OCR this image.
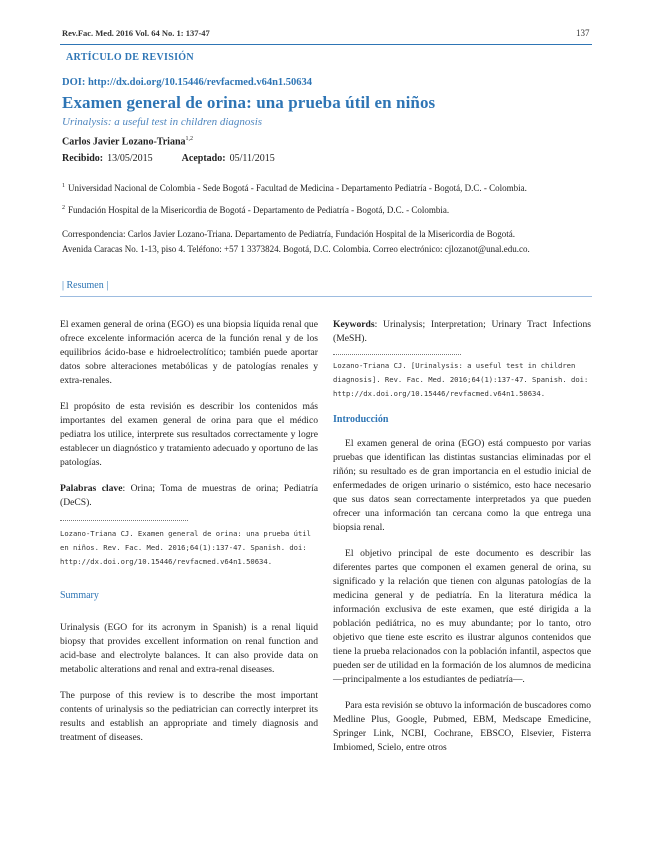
Rev.Fac. Med. 2016 Vol. 64 No. 1: 137-47	137
ARTÍCULO DE REVISIÓN
DOI: http://dx.doi.org/10.15446/revfacmed.v64n1.50634
Examen general de orina: una prueba útil en niños
Urinalysis: a useful test in children diagnosis
Carlos Javier Lozano-Triana$^{1,2}$
Recibido: 13/05/2015	Aceptado: 05/11/2015
$^1$ Universidad Nacional de Colombia - Sede Bogotá - Facultad de Medicina - Departamento Pediatría - Bogotá, D.C. - Colombia.
$^2$ Fundación Hospital de la Misericordia de Bogotá - Departamento de Pediatría - Bogotá, D.C. - Colombia.
Correspondencia: Carlos Javier Lozano-Triana. Departamento de Pediatría, Fundación Hospital de la Misericordia de Bogotá.
Avenida Caracas No. 1-13, piso 4. Teléfono: +57 1 3373824. Bogotá, D.C. Colombia. Correo electrónico: cjlozanot@unal.edu.co.
| Resumen |

El examen general de orina (EGO) es una biopsia líquida renal que ofrece excelente información acerca de la función renal y de los equilibrios ácido-base e hidroelectrolítico; también puede aportar datos sobre alteraciones metabólicas y de patologías renales y extra-renales.

El propósito de esta revisión es describir los contenidos más importantes del examen general de orina para que el médico pediatra los utilice, interprete sus resultados correctamente y logre establecer un diagnóstico y tratamiento adecuado y oportuno de las patologías.

Palabras clave: Orina; Toma de muestras de orina; Pediatría (DeCS).

Lozano-Triana CJ. Examen general de orina: una prueba útil en niños. Rev. Fac. Med. 2016;64(1):137-47. Spanish. doi: http://dx.doi.org/10.15446/revfacmed.v64n1.50634.

Summary

Urinalysis (EGO for its acronym in Spanish) is a renal liquid biopsy that provides excellent information on renal function and acid-base and electrolyte balances. It can also provide data on metabolic alterations and renal and extra-renal diseases.

The purpose of this review is to describe the most important contents of urinalysis so the pediatrician can correctly interpret its results and establish an appropriate and timely diagnosis and treatment of diseases.

Keywords: Urinalysis; Interpretation; Urinary Tract Infections (MeSH).

Lozano-Triana CJ. [Urinalysis: a useful test in children diagnosis]. Rev. Fac. Med. 2016;64(1):137-47. Spanish. doi: http://dx.doi.org/10.15446/revfacmed.v64n1.50634.

Introducción

El examen general de orina (EGO) está compuesto por varias pruebas que identifican las distintas sustancias eliminadas por el riñón; su resultado es de gran importancia en el estudio inicial de enfermedades de origen urinario o sistémico, esto hace necesario que sus datos sean correctamente interpretados ya que pueden ofrecer una información tan cercana como la que entrega una biopsia renal.

El objetivo principal de este documento es describir las diferentes partes que componen el examen general de orina, su significado y la relación que tienen con algunas patologías de la medicina general y de pediatría. En la literatura médica la información exclusiva de este examen, que esté dirigida a la población pediátrica, no es muy abundante; por lo tanto, otro objetivo que tiene este escrito es ilustrar algunos contenidos que tiene la prueba relacionados con la población infantil, aspectos que pueden ser de utilidad en la formación de los alumnos de medicina —principalmente a los estudiantes de pediatría—.

Para esta revisión se obtuvo la información de buscadores como Medline Plus, Google, Pubmed, EBM, Medscape Emedicine, Springer Link, NCBI, Cochrane, EBSCO, Elsevier, Fisterra Imbiomed, Scielo, entre otros
